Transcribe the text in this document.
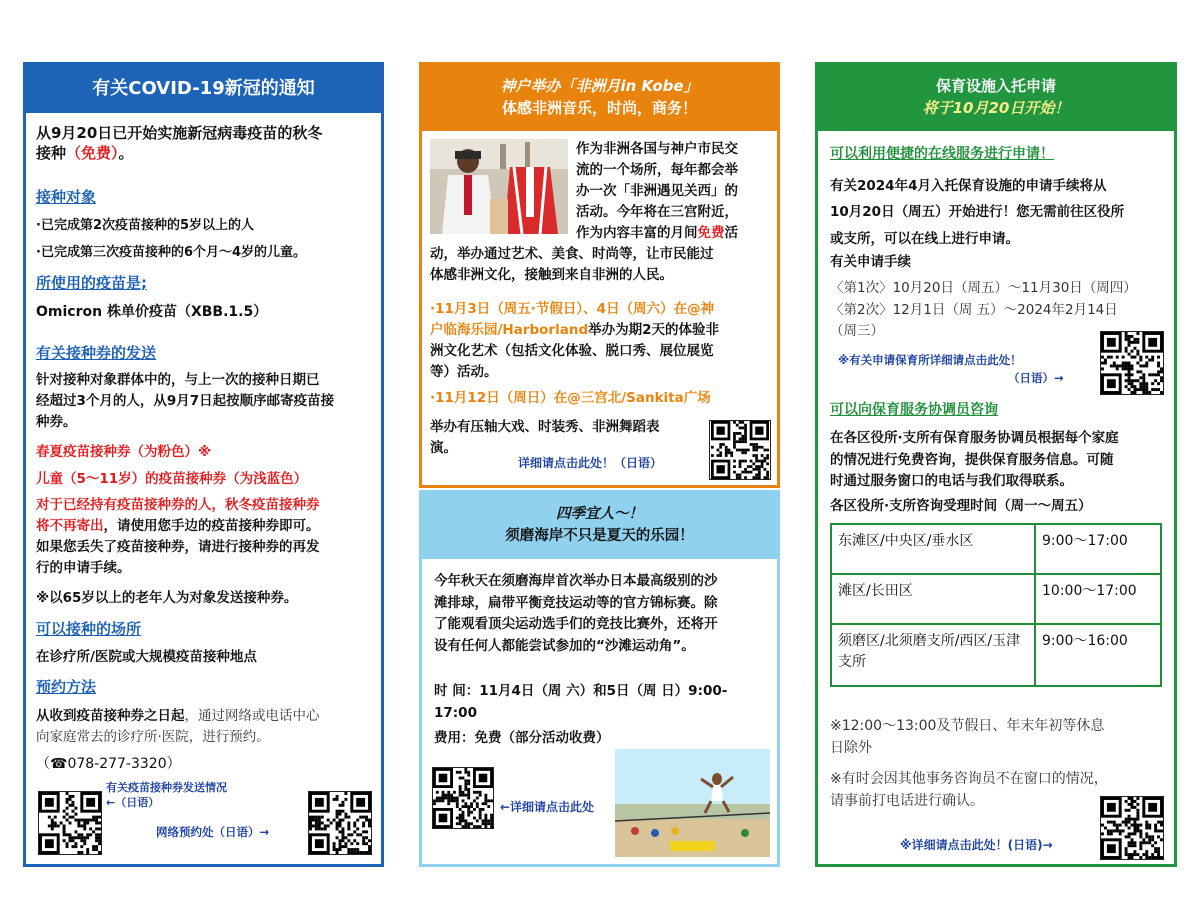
有关COVID-19新冠的通知

从9月20日已开始实施新冠病毒疫苗的秋冬
接种（免费）。

接种对象

·已完成第2次疫苗接种的5岁以上的人

·已完成第三次疫苗接种的6个月～4岁的儿童。

所使用的疫苗是;

Omicron 株单价疫苗（XBB.1.5）

有关接种券的发送

针对接种对象群体中的，与上一次的接种日期已
经超过3个月的人，从9月7日起按顺序邮寄疫苗接
种券。

春夏疫苗接种券（为粉色）※

儿童（5～11岁）的疫苗接种券（为浅蓝色）

对于已经持有疫苗接种券的人，秋冬疫苗接种券
将不再寄出，请使用您手边的疫苗接种券即可。
如果您丢失了疫苗接种券，请进行接种券的再发
行的申请手续。

※以65岁以上的老年人为对象发送接种券。

可以接种的场所

在诊疗所/医院或大规模疫苗接种地点

预约方法

从收到疫苗接种券之日起，通过网络或电话中心
向家庭常去的诊疗所·医院，进行预约。

（☎078-277-3320）

有关疫苗接种券发送情况
←（日语）

网络预约处（日语）→

神户举办「非洲月in Kobe」
体感非洲音乐，时尚，商务！

作为非洲各国与神户市民交
流的一个场所，每年都会举
办一次「非洲遇见关西」的
活动。今年将在三宫附近，
作为内容丰富的月间免费活

动，举办通过艺术、美食、时尚等，让市民能过
体感非洲文化，接触到来自非洲的人民。

·11月3日（周五·节假日）、4日（周六）在@神
户临海乐园/Harborland举办为期2天的体验非
洲文化艺术（包括文化体验、脱口秀、展位展览
等）活动。

·11月12日（周日）在@三宫北/Sankita广场

举办有压轴大戏、时装秀、非洲舞蹈表
演。

详细请点击此处！（日语）

四季宜人～！
须磨海岸不只是夏天的乐园！

今年秋天在须磨海岸首次举办日本最高级别的沙
滩排球，扁带平衡竞技运动等的官方锦标赛。除
了能观看顶尖运动选手们的竞技比赛外，还将开
设有任何人都能尝试参加的“沙滩运动角”。

时 间：11月4日（周 六）和5日（周 日）9:00-
17:00

费用：免费（部分活动收费）

←详细请点击此处

保育设施入托申请
将于10月20日开始！

可以利用便捷的在线服务进行申请！

有关2024年4月入托保育设施的申请手续将从
10月20日（周五）开始进行！您无需前往区役所
或支所，可以在线上进行申请。

有关申请手续

〈第1次〉10月20日（周五）～11月30日（周四）
〈第2次〉12月1日（周 五）～2024年2月14日
（周三）

※有关申请保育所详细请点击此处！
（日语）→

可以向保育服务协调员咨询

在各区役所·支所有保育服务协调员根据每个家庭
的情况进行免费咨询，提供保育服务信息。可随
时通过服务窗口的电话与我们取得联系。

各区役所·支所咨询受理时间（周一～周五）

东滩区/中央区/垂水区	9:00～17:00
滩区/长田区	10:00～17:00
须磨区/北须磨支所/西区/玉津支所	9:00～16:00

※12:00～13:00及节假日、年末年初等休息
日除外

※有时会因其他事务咨询员不在窗口的情况，
请事前打电话进行确认。

※详细请点击此处！(日语)→
